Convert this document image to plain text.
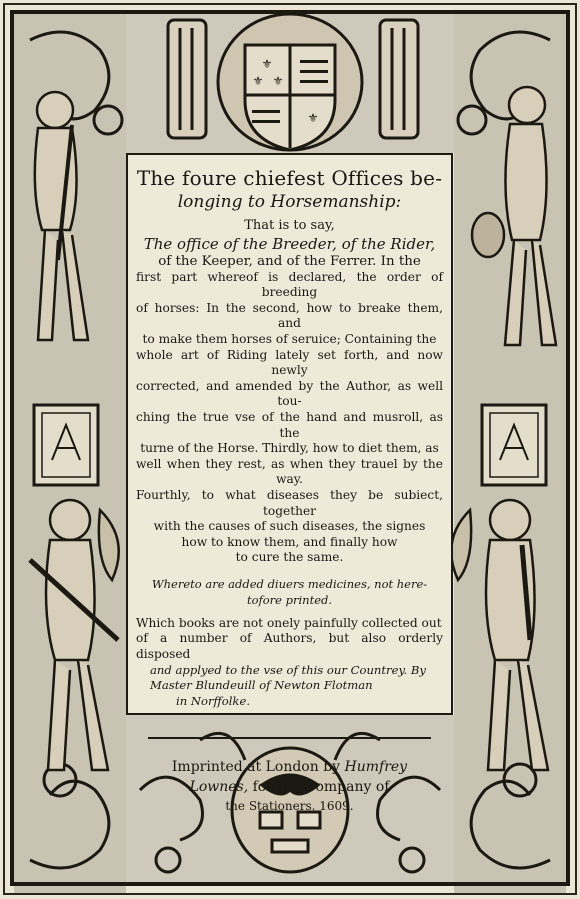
⚜
⚜
⚜
⚜

The foure chiefest Offices be-

longing to Horsemanship:

That is to say,

The office of the Breeder, of the Rider,

of the Keeper, and of the Ferrer. In the

first part whereof is declared, the order of breeding

of horses: In the second, how to breake them, and

to make them horses of seruice; Containing the

whole art of Riding lately set forth, and now newly

corrected, and amended by the Author, as well tou-

ching the true vse of the hand and musroll, as the

turne of the Horse. Thirdly, how to diet them, as

well when they rest, as when they trauel by the way.

Fourthly, to what diseases they be subiect, together

with the causes of such diseases, the signes

how to know them, and finally how

to cure the same.

Whereto are added diuers medicines, not here-
tofore printed.

Which books are not onely painfully collected out

of a number of Authors, but also orderly disposed

and applyed to the vse of this our Countrey. By

Master Blundeuill of Newton Flotman

in Norffolke.

Imprinted at London by Humfrey

Lownes, for the Company of

the Stationers. 1609.
